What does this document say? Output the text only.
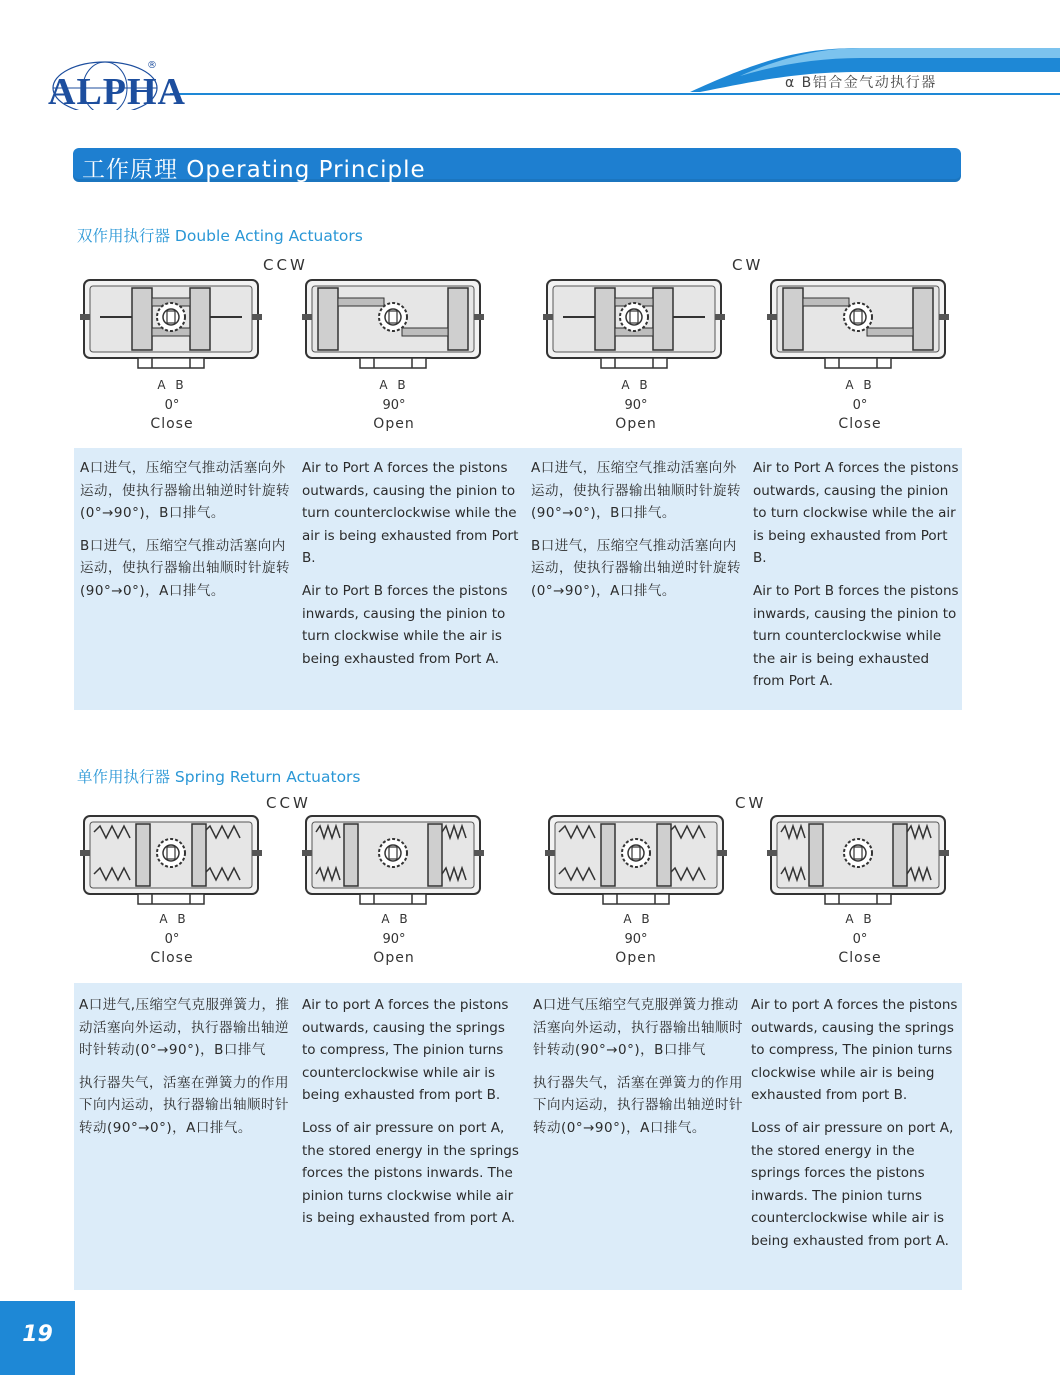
ALPHA
®
α B铝合金气动执行器
工作原理 Operating Principle
双作用执行器 Double Acting Actuators
CCW	CW
A B
0°
Close
A B
90°
Open
A B
90°
Open
A B
0°
Close

A口进气，压缩空气推动活塞向外运动，使执行器输出轴逆时针旋转(0°→90°)，B口排气。

B口进气，压缩空气推动活塞向内运动，使执行器输出轴顺时针旋转(90°→0°)，A口排气。

Air to Port A forces the pistons outwards, causing the pinion to turn counterclockwise while the air is being exhausted from Port B.

Air to Port B forces the pistons inwards, causing the pinion to turn clockwise while the air is being exhausted from Port A.

A口进气，压缩空气推动活塞向外运动，使执行器输出轴顺时针旋转(90°→0°)，B口排气。

B口进气，压缩空气推动活塞向内运动，使执行器输出轴逆时针旋转(0°→90°)，A口排气。

Air to Port A forces the pistons outwards, causing the pinion to turn clockwise while the air is being exhausted from Port B.

Air to Port B forces the pistons inwards, causing the pinion to turn counterclockwise while the air is being exhausted from Port A.

单作用执行器 Spring Return Actuators
CCW	CW
A B
0°
Close
A B
90°
Open
A B
90°
Open
A B
0°
Close

A口进气,压缩空气克服弹簧力，推动活塞向外运动，执行器输出轴逆时针转动(0°→90°)，B口排气

执行器失气，活塞在弹簧力的作用下向内运动，执行器输出轴顺时针转动(90°→0°)，A口排气。

Air to port A forces the pistons outwards, causing the springs to compress, The pinion turns counterclockwise while air is being exhausted from port B.

Loss of air pressure on port A, the stored energy in the springs forces the pistons inwards. The pinion turns clockwise while air is being exhausted from port A.

A口进气压缩空气克服弹簧力推动活塞向外运动，执行器输出轴顺时针转动(90°→0°)，B口排气

执行器失气，活塞在弹簧力的作用下向内运动，执行器输出轴逆时针转动(0°→90°)，A口排气。

Air to port A forces the pistons outwards, causing the springs to compress, The pinion turns clockwise while air is being exhausted from port B.

Loss of air pressure on port A, the stored energy in the springs forces the pistons inwards. The pinion turns counterclockwise while air is being exhausted from port A.

19
